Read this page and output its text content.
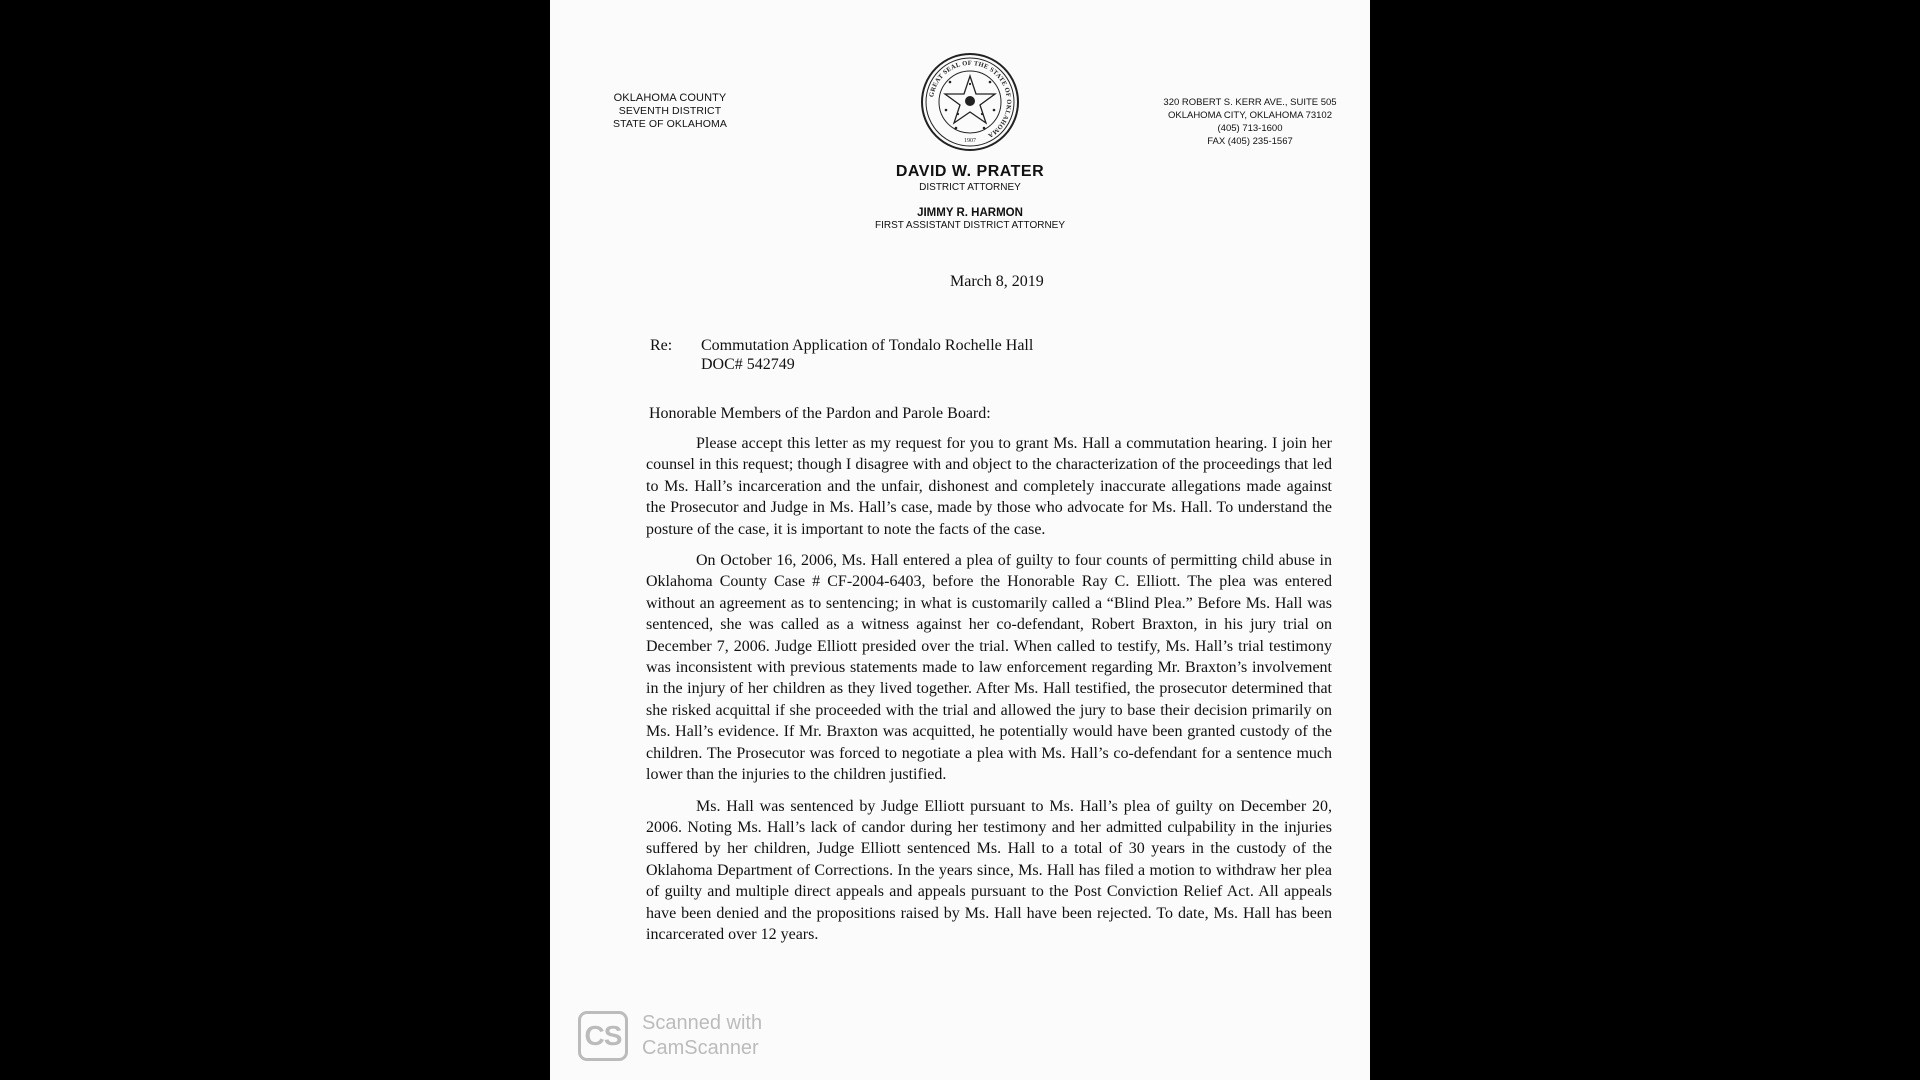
OKLAHOMA COUNTY
SEVENTH DISTRICT
STATE OF OKLAHOMA
GREAT SEAL OF THE STATE OF OKLAHOMA
1907
320 ROBERT S. KERR AVE., SUITE 505
OKLAHOMA CITY, OKLAHOMA 73102
(405) 713-1600
FAX (405) 235-1567
DAVID W. PRATER
DISTRICT ATTORNEY
JIMMY R. HARMON
FIRST ASSISTANT DISTRICT ATTORNEY
March 8, 2019
Re: Commutation Application of Tondalo Rochelle Hall
DOC# 542749
Honorable Members of the Pardon and Parole Board:

Please accept this letter as my request for you to grant Ms. Hall a commutation hearing. I join her counsel in this request; though I disagree with and object to the characterization of the proceedings that led to Ms. Hall’s incarceration and the unfair, dishonest and completely inaccurate allegations made against the Prosecutor and Judge in Ms. Hall’s case, made by those who advocate for Ms. Hall. To understand the posture of the case, it is important to note the facts of the case.

On October 16, 2006, Ms. Hall entered a plea of guilty to four counts of permitting child abuse in Oklahoma County Case # CF-2004-6403, before the Honorable Ray C. Elliott. The plea was entered without an agreement as to sentencing; in what is customarily called a “Blind Plea.” Before Ms. Hall was sentenced, she was called as a witness against her co-defendant, Robert Braxton, in his jury trial on December 7, 2006. Judge Elliott presided over the trial. When called to testify, Ms. Hall’s trial testimony was inconsistent with previous statements made to law enforcement regarding Mr. Braxton’s involvement in the injury of her children as they lived together. After Ms. Hall testified, the prosecutor determined that she risked acquittal if she proceeded with the trial and allowed the jury to base their decision primarily on Ms. Hall’s evidence. If Mr. Braxton was acquitted, he potentially would have been granted custody of the children. The Prosecutor was forced to negotiate a plea with Ms. Hall’s co-defendant for a sentence much lower than the injuries to the children justified.

Ms. Hall was sentenced by Judge Elliott pursuant to Ms. Hall’s plea of guilty on December 20, 2006. Noting Ms. Hall’s lack of candor during her testimony and her admitted culpability in the injuries suffered by her children, Judge Elliott sentenced Ms. Hall to a total of 30 years in the custody of the Oklahoma Department of Corrections. In the years since, Ms. Hall has filed a motion to withdraw her plea of guilty and multiple direct appeals and appeals pursuant to the Post Conviction Relief Act. All appeals have been denied and the propositions raised by Ms. Hall have been rejected. To date, Ms. Hall has been incarcerated over 12 years.

CS	Scanned with
CamScanner
